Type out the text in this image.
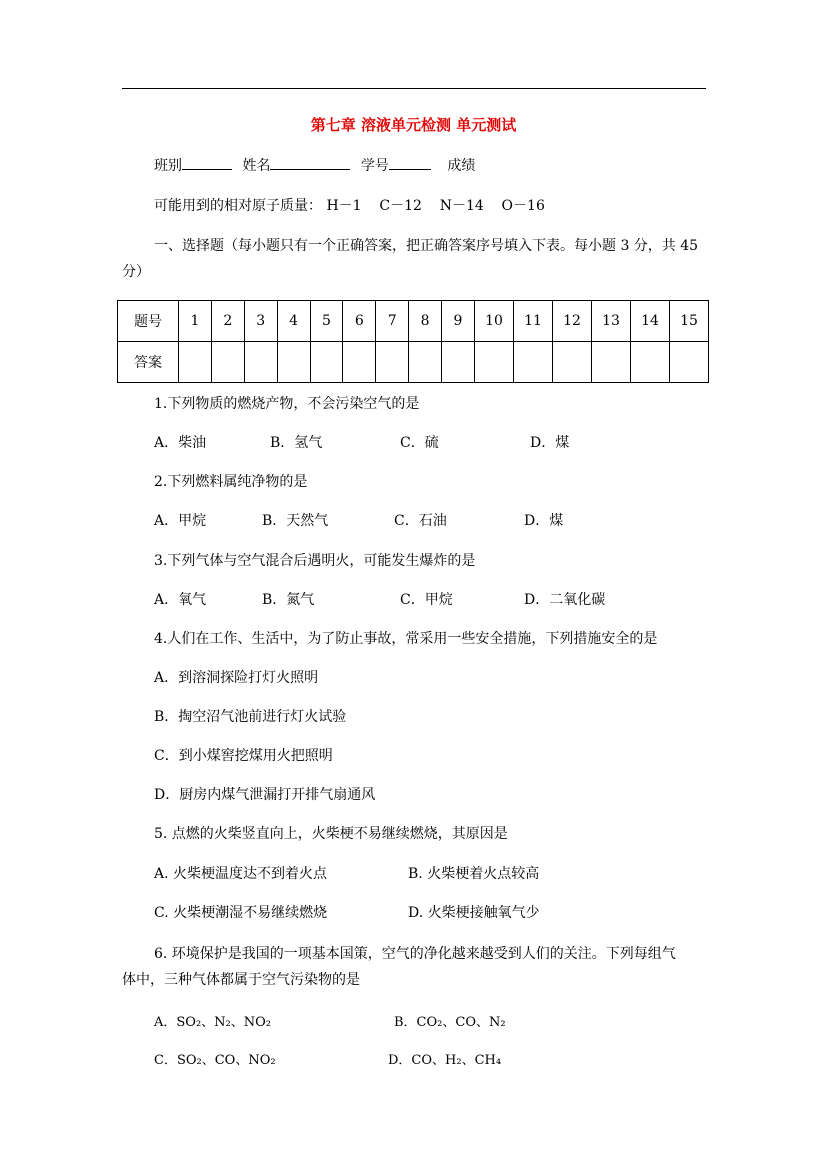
第七章 溶液单元检测 单元测试
班别	姓名	学号	成绩
可能用到的相对原子质量： H－1    C－12    N－14    O－16
一、选择题（每小题只有一个正确答案，把正确答案序号填入下表。每小题 3 分，共 45
分）
题号	1	2	3	4	5	6	7	8	9	10	11	12	13	14	15
答案															
1.下列物质的燃烧产物，不会污染空气的是
A．柴油	B．氢气	C．硫	D．煤
2.下列燃料属纯净物的是
A．甲烷	B．天然气	C．石油	D．煤
3.下列气体与空气混合后遇明火，可能发生爆炸的是
A．氧气	B．氮气	C．甲烷	D．二氧化碳
4.人们在工作、生活中，为了防止事故，常采用一些安全措施，下列措施安全的是
A．到溶洞探险打灯火照明
B．掏空沼气池前进行灯火试验
C．到小煤窖挖煤用火把照明
D．厨房内煤气泄漏打开排气扇通风
5. 点燃的火柴竖直向上，火柴梗不易继续燃烧，其原因是
A. 火柴梗温度达不到着火点	B. 火柴梗着火点较高
C. 火柴梗潮湿不易继续燃烧	D. 火柴梗接触氧气少
6. 环境保护是我国的一项基本国策，空气的净化越来越受到人们的关注。下列每组气
体中，三种气体都属于空气污染物的是
A．SO₂、N₂、NO₂	B．CO₂、CO、N₂
C．SO₂、CO、NO₂	D．CO、H₂、CH₄
